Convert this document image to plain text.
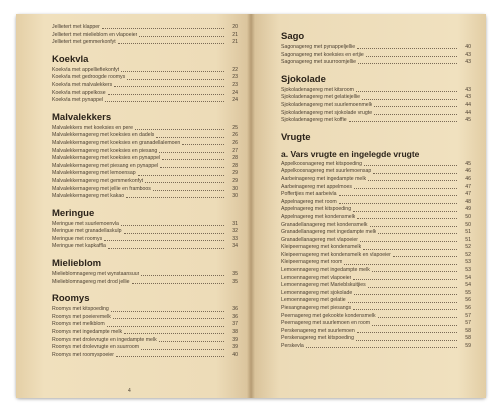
Jellietert met klapper	20
Jellietert met mielieblom en vlapoeier	21
Jellietert met gemmerkonfyt	21
Koekvla
Koekvla met appelliefiekonfyt	22
Koekvla met gedroogde roomys	23
Koekvla met malvalekkers	23
Koekvla met appelkose	24
Koekvla met pynappel	24
Malvalekkers
Malvalekkers met koeksies en pere	25
Malvalekkernagereg met koeksies en dadels	26
Malvalekkernagereg met koeksies en granadellalemoen	26
Malvalekkernagereg met koeksies en piesang	27
Malvalekkernagereg met koeksies en pynappel	28
Malvalekkernagereg met piesang en pynappel	28
Malvalekkernagereg met lemoensap	29
Malvalekkernagereg met gemmerkonfyt	29
Malvalekkernagereg met jellie en framboos	30
Malvalekkernagereg met kakao	30
Meringue
Meringue met suurlemoenvla	31
Meringue met granadellaskulp	32
Meringue met roomys	33
Meringue met kapkaffla	34
Mielieblom
Mielieblomnagereg met wynstaansuur	35
Mielieblomnagereg met drod jellie	35
Roomys
Roomys met kitspoeding	36
Roomys met poeieremelk	36
Roomys met melkblom	37
Roomys met ingedampte melk	38
Roomys met drolevrugte en ingedampte melk	39
Roomys met drolevrugte en suurroom	39
Roomys met roomyspoeier	40
4
Sago
Sagonagereg met pynappeljellie	40
Sagonagereg met koeksies en ertjie	43
Sagonagereg met suurroomjellie	43
Sjokolade
Sjokoladenagereg met kitsroom	43
Sjokoladenagereg met gelatiejellie	43
Sjokoladenagereg met suurlemoenmelk	44
Sjokoladenagereg met sjokolade vrugte	44
Sjokoladenagereg met koffie	45
Vrugte
a. Vars vrugte en ingelegde vrugte
Appelkoosnagereg met kitspoeding	45
Appelkoosnagereg met suurlemoensap	46
Aarbeinagereg met ingedampte melk	46
Aarbeinagereg met appelmoes	47
Poffertjies met aarbeivla	47
Appelnagereg met room	48
Appelnagereg met kitspoeding	49
Appelnagereg met kondensmelk	50
Granadellanagereg met kondensmelk	50
Granadellanagereg met ingedampte melk	51
Granadellanagereg met vlapoeier	51
Kleipeernagereg met kondensmelk	52
Kleipeernagereg met kondensmelk en vlapoeier	52
Kleipeernagereg met room	53
Lemoennagereg met ingedampte melk	53
Lemoennagereg met vlapoeier	54
Lemoennagereg met Marieblskuitjies	54
Lemoennagereg met sjokolade	55
Lemoennagereg met gelatie	56
Piesangnagereg met piesangs	56
Peernagereg met gekookte kondensmelk	57
Peernagereg met suurlemoen en room	57
Perskenagereg met suurlemoen	58
Perskenagereg met kitspoeding	58
Perskevla	59
